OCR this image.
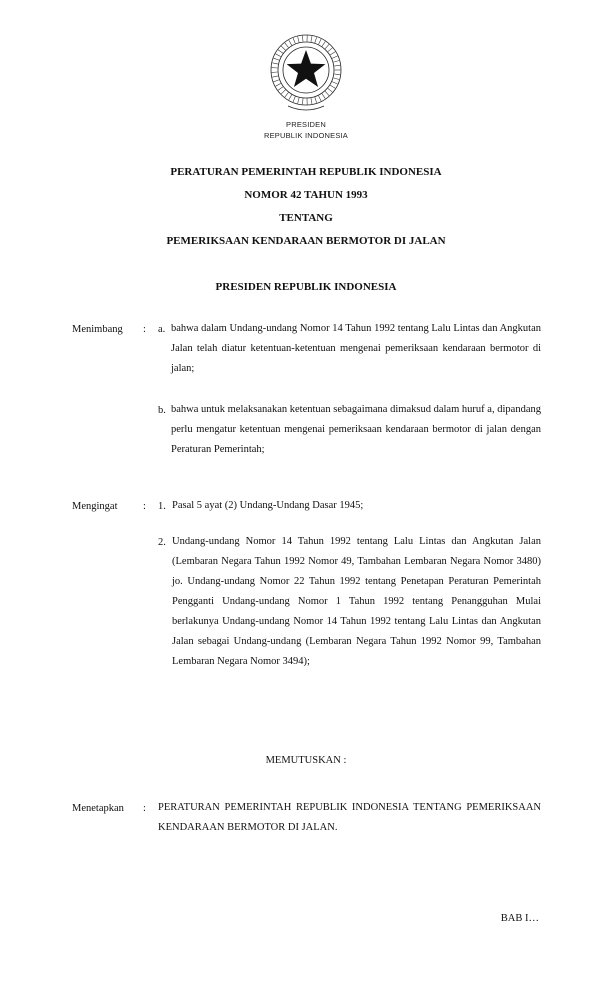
PRESIDEN
REPUBLIK INDONESIA
PERATURAN PEMERINTAH REPUBLIK INDONESIA
NOMOR 42 TAHUN 1993
TENTANG
PEMERIKSAAN KENDARAAN BERMOTOR DI JALAN
PRESIDEN REPUBLIK INDONESIA
Menimbang : a. bahwa dalam Undang-undang Nomor 14 Tahun 1992 tentang Lalu Lintas dan Angkutan Jalan telah diatur ketentuan-ketentuan mengenai pemeriksaan kendaraan bermotor di jalan;
b. bahwa untuk melaksanakan ketentuan sebagaimana dimaksud dalam huruf a, dipandang perlu mengatur ketentuan mengenai pemeriksaan kendaraan bermotor di jalan dengan Peraturan Pemerintah;
Mengingat : 1. Pasal 5 ayat (2) Undang-Undang Dasar 1945;
2. Undang-undang Nomor 14 Tahun 1992 tentang Lalu Lintas dan Angkutan Jalan (Lembaran Negara Tahun 1992 Nomor 49, Tambahan Lembaran Negara Nomor 3480) jo. Undang-undang Nomor 22 Tahun 1992 tentang Penetapan Peraturan Pemerintah Pengganti Undang-undang Nomor 1 Tahun 1992 tentang Penangguhan Mulai berlakunya Undang-undang Nomor 14 Tahun 1992 tentang Lalu Lintas dan Angkutan Jalan sebagai Undang-undang (Lembaran Negara Tahun 1992 Nomor 99, Tambahan Lembaran Negara Nomor 3494);
MEMUTUSKAN :
Menetapkan : PERATURAN PEMERINTAH REPUBLIK INDONESIA TENTANG PEMERIKSAAN KENDARAAN BERMOTOR DI JALAN.
BAB I…
